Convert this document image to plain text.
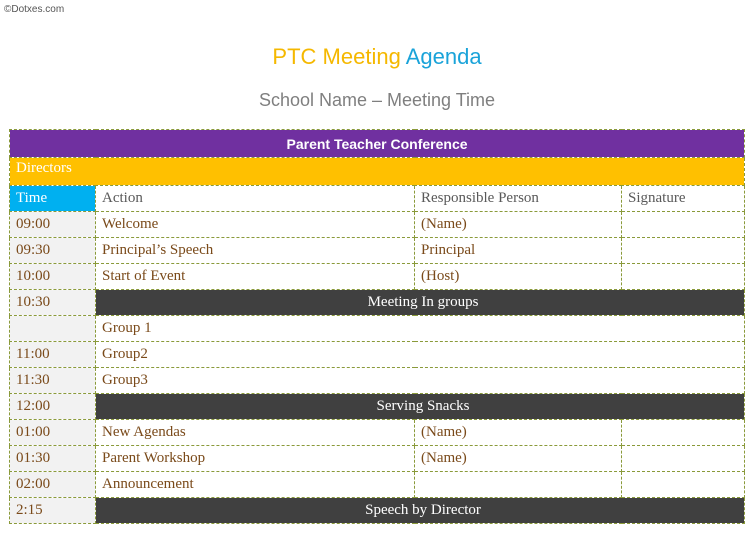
©Dotxes.com
PTC Meeting Agenda
School Name – Meeting Time
Parent Teacher Conference			
Directors			
Time	Action	Responsible Person	Signature
09:00	Welcome	(Name)	
09:30	Principal’s Speech	Principal	
10:00	Start of Event	(Host)	
10:30	Meeting In groups		
	Group 1		
11:00	Group2		
11:30	Group3		
12:00	Serving Snacks		
01:00	New Agendas	(Name)	
01:30	Parent Workshop	(Name)	
02:00	Announcement		
2:15	Speech by Director		
